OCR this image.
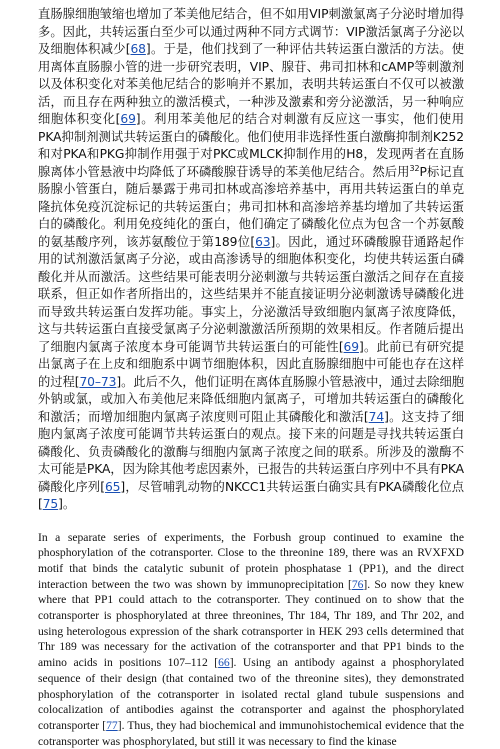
直肠腺细胞皱缩也增加了苯美他尼结合，但不如用VIP刺激氯离子分泌时增加得多。因此，共转运蛋白至少可以通过两种不同方式调节：VIP激活氯离子分泌以及细胞体积减少[68]。于是，他们找到了一种评估共转运蛋白激活的方法。使用离体直肠腺小管的进一步研究表明，VIP、腺苷、弗司扣林和cAMP等刺激剂以及体积变化对苯美他尼结合的影响并不累加，表明共转运蛋白不仅可以被激活，而且存在两种独立的激活模式，一种涉及激素和旁分泌激活，另一种响应细胞体积变化[69]。利用苯美他尼的结合对刺激有反应这一事实，他们使用PKA抑制剂测试共转运蛋白的磷酸化。他们使用非选择性蛋白激酶抑制剂K252和对PKA和PKG抑制作用强于对PKC或MLCK抑制作用的H8，发现两者在直肠腺离体小管悬液中均降低了环磷酸腺苷诱导的苯美他尼结合。然后用$^{32}$P标记直肠腺小管蛋白，随后暴露于弗司扣林或高渗培养基中，再用共转运蛋白的单克隆抗体免疫沉淀标记的共转运蛋白；弗司扣林和高渗培养基均增加了共转运蛋白的磷酸化。利用免疫纯化的蛋白，他们确定了磷酸化位点为包含一个苏氨酸的氨基酸序列，该苏氨酸位于第189位[63]。因此，通过环磷酸腺苷通路起作用的试剂激活氯离子分泌，或由高渗诱导的细胞体积变化，均使共转运蛋白磷酸化并从而激活。这些结果可能表明分泌刺激与共转运蛋白激活之间存在直接联系，但正如作者所指出的，这些结果并不能直接证明分泌刺激诱导磷酸化进而导致共转运蛋白发挥功能。事实上，分泌激活导致细胞内氯离子浓度降低，这与共转运蛋白直接受氯离子分泌刺激激活所预期的效果相反。作者随后提出了细胞内氯离子浓度本身可能调节共转运蛋白的可能性[69]。此前已有研究提出氯离子在上皮和细胞系中调节细胞体积，因此直肠腺细胞中可能也存在这样的过程[70–73]。此后不久，他们证明在离体直肠腺小管悬液中，通过去除细胞外钠或氯，或加入布美他尼来降低细胞内氯离子，可增加共转运蛋白的磷酸化和激活；而增加细胞内氯离子浓度则可阻止其磷酸化和激活[74]。这支持了细胞内氯离子浓度可能调节共转运蛋白的观点。接下来的问题是寻找共转运蛋白磷酸化、负责磷酸化的激酶与细胞内氯离子浓度之间的联系。所涉及的激酶不太可能是PKA，因为除其他考虑因素外，已报告的共转运蛋白序列中不具有PKA磷酸化序列[65]，尽管哺乳动物的NKCC1共转运蛋白确实具有PKA磷酸化位点[75]。

In a separate series of experiments, the Forbush group continued to examine the phosphorylation of the cotransporter. Close to the threonine 189, there was an RVXFXD motif that binds the catalytic subunit of protein phosphatase 1 (PP1), and the direct interaction between the two was shown by immunoprecipitation [76]. So now they knew where that PP1 could attach to the cotransporter. They continued on to show that the cotransporter is phosphorylated at three threonines, Thr 184, Thr 189, and Thr 202, and using heterologous expression of the shark cotransporter in HEK 293 cells determined that Thr 189 was necessary for the activation of the cotransporter and that PP1 binds to the amino acids in positions 107–112 [66]. Using an antibody against a phosphorylated sequence of their design (that contained two of the threonine sites), they demonstrated phosphorylation of the cotransporter in isolated rectal gland tubule suspensions and colocalization of antibodies against the cotransporter and against the phosphorylated cotransporter [77]. Thus, they had biochemical and immunohistochemical evidence that the cotransporter was phosphorylated, but still it was necessary to find the kinase
